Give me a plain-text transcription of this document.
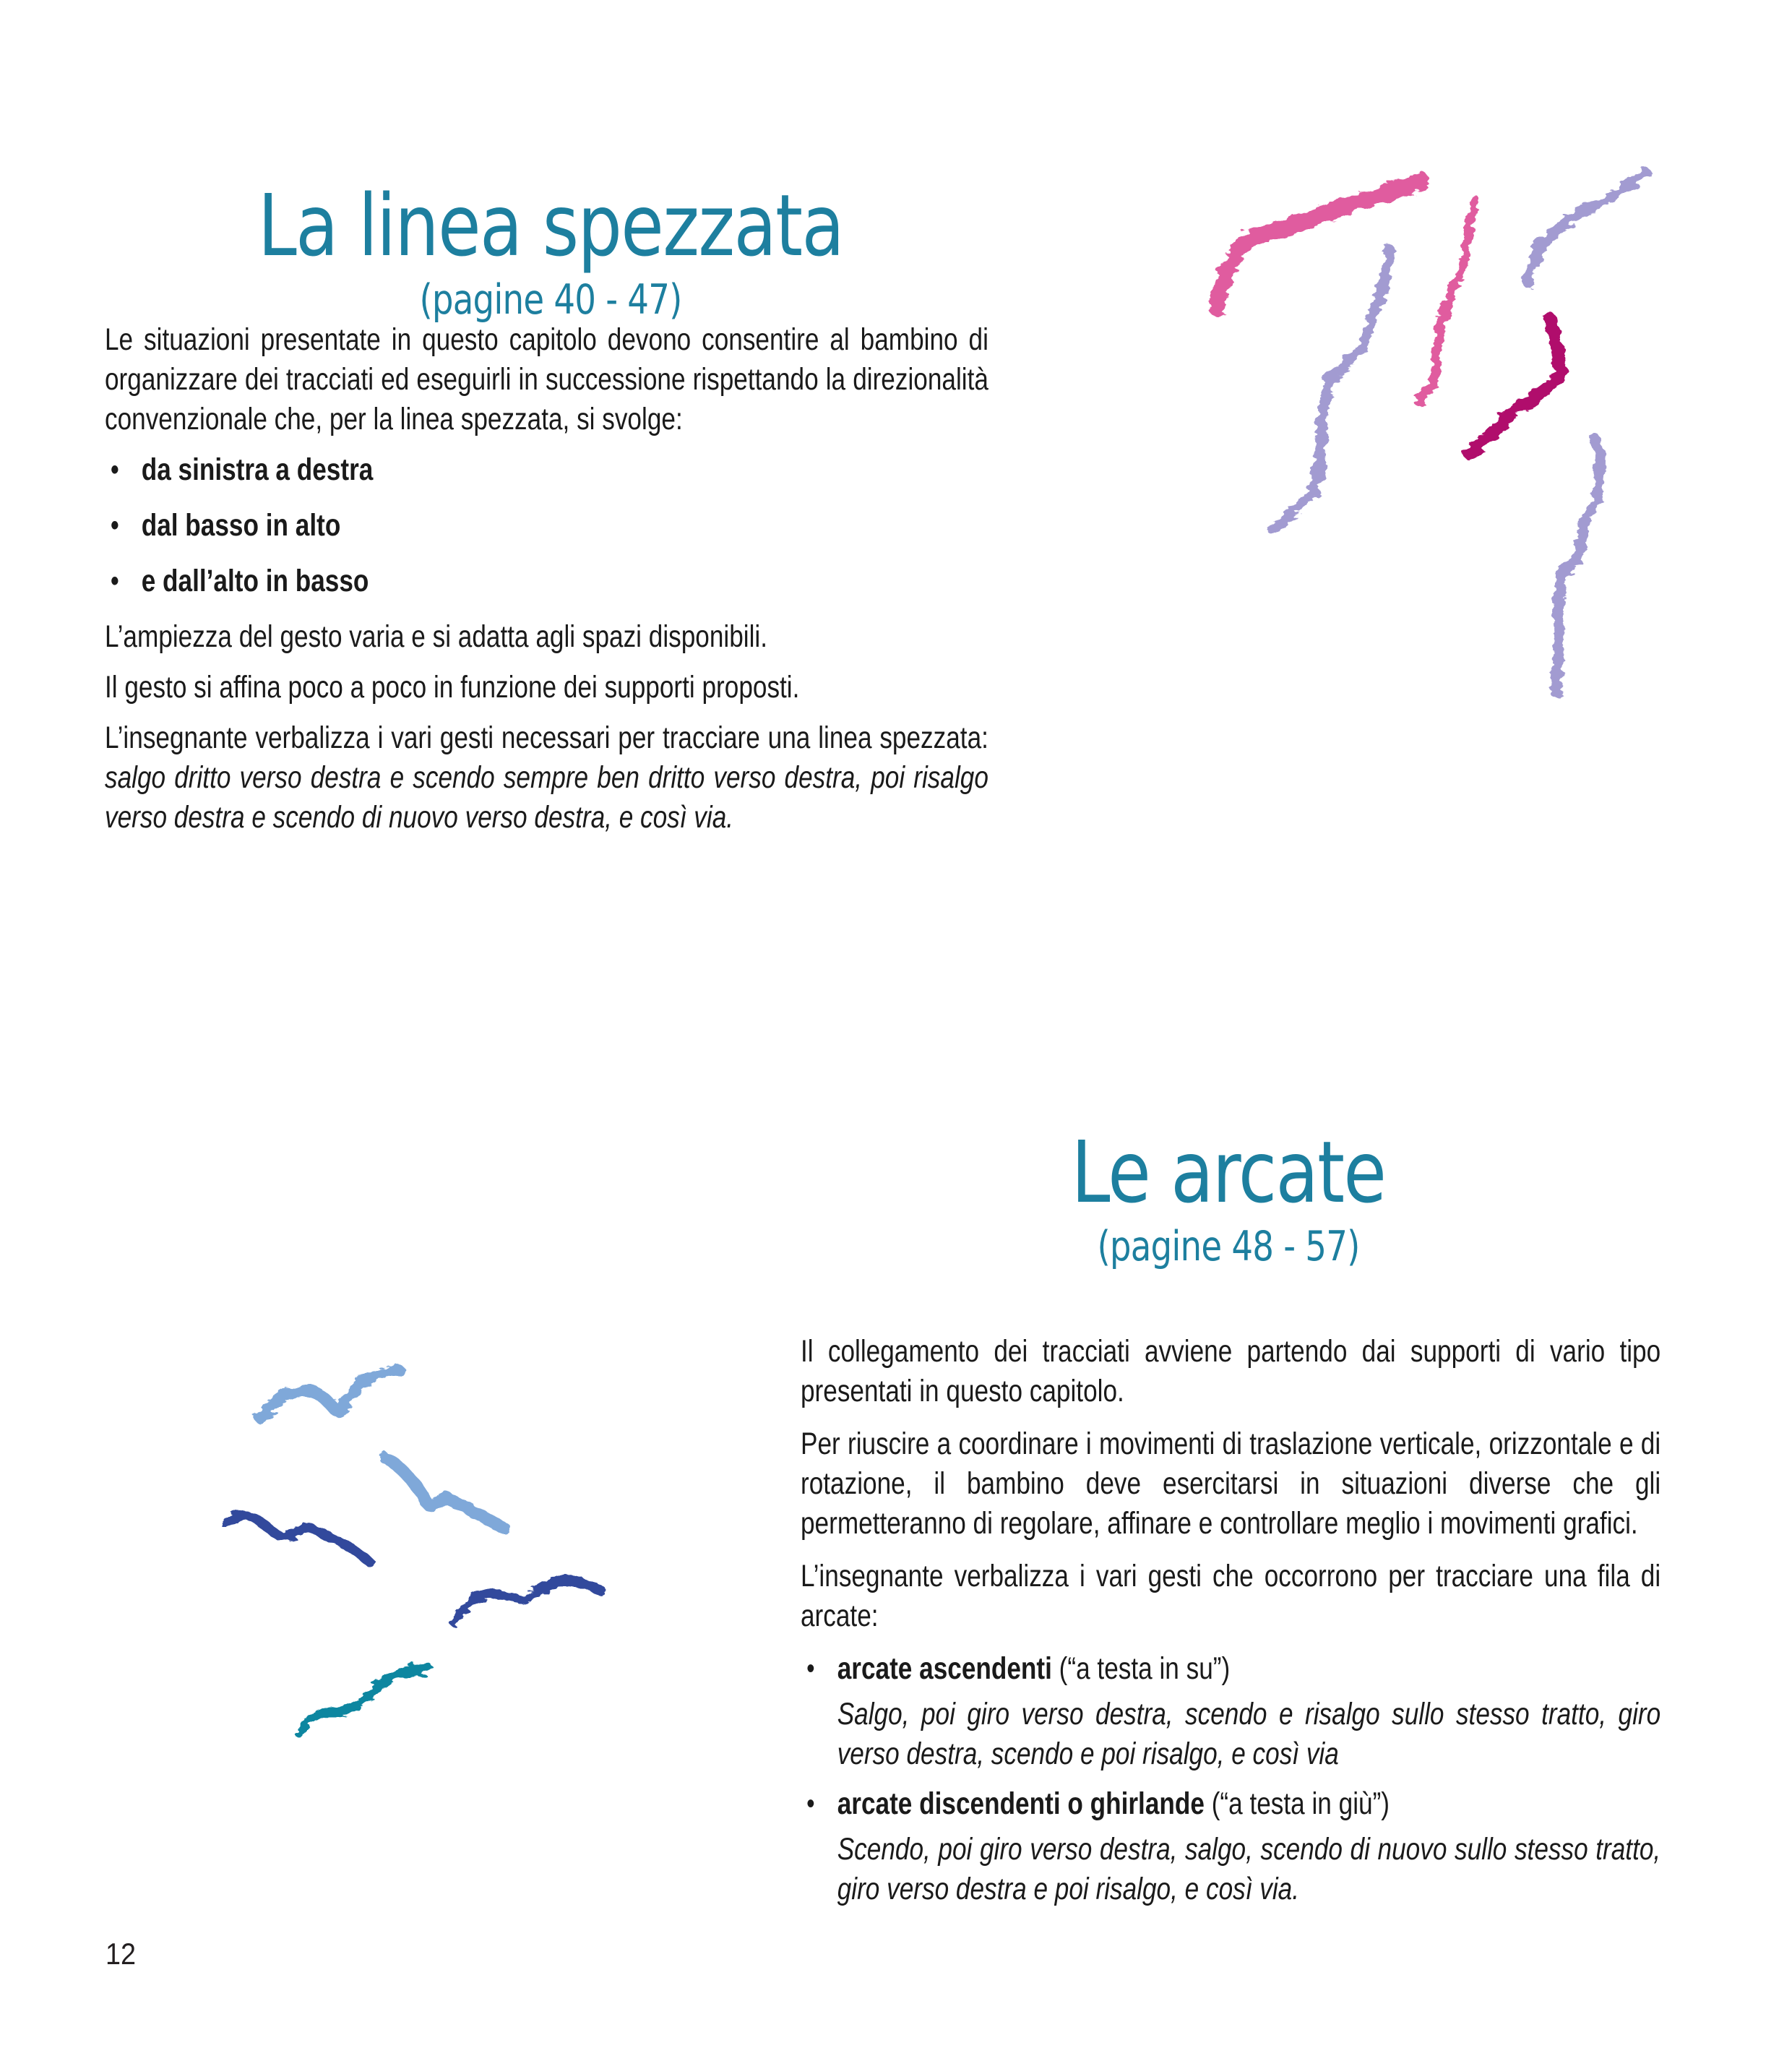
La linea spezzata
(pagine 40 - 47)

Le situazioni presentate in questo capitolo devono consentire al bambino di organizzare dei tracciati ed eseguirli in successione rispettando la direzionalità convenzionale che, per la linea spezzata, si svolge:

• da sinistra a destra
• dal basso in alto
• e dall’alto in basso

L’ampiezza del gesto varia e si adatta agli spazi disponibili.

Il gesto si affina poco a poco in funzione dei supporti proposti.

L’insegnante verbalizza i vari gesti necessari per tracciare una linea spezzata: salgo dritto verso destra e scendo sempre ben dritto verso destra, poi risalgo verso destra e scendo di nuovo verso destra, e così via.

Le arcate
(pagine 48 - 57)

Il collegamento dei tracciati avviene partendo dai supporti di vario tipo presentati in questo capitolo.

Per riuscire a coordinare i movimenti di traslazione verticale, orizzontale e di rotazione, il bambino deve esercitarsi in situazioni diverse che gli permetteranno di regolare, affinare e controllare meglio i movimenti grafici.

L’insegnante verbalizza i vari gesti che occorrono per tracciare una fila di arcate:

• arcate ascendenti (“a testa in su”)
Salgo, poi giro verso destra, scendo e risalgo sullo stesso tratto, giro verso destra, scendo e poi risalgo, e così via
• arcate discendenti o ghirlande (“a testa in giù”)
Scendo, poi giro verso destra, salgo, scendo di nuovo sullo stesso tratto, giro verso destra e poi risalgo, e così via.
12
